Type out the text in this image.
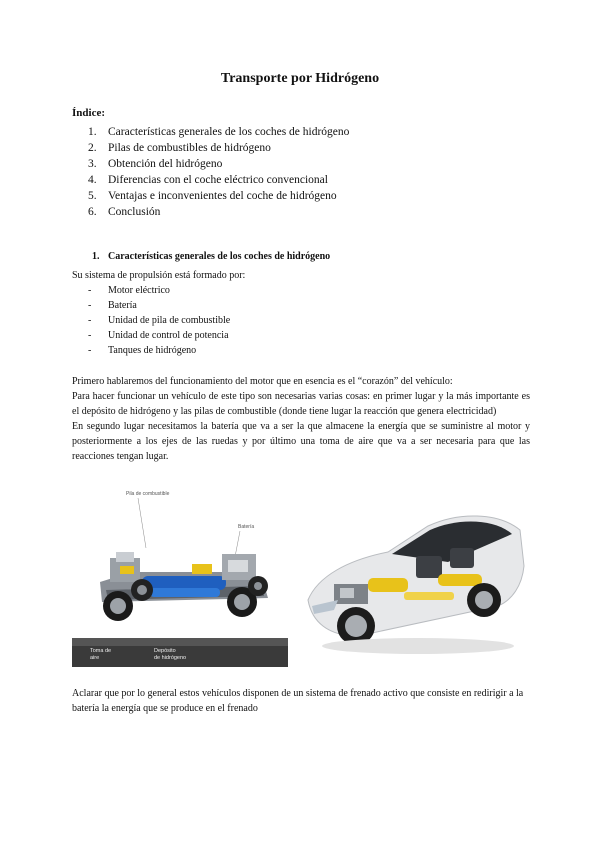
Transporte por Hidrógeno
Índice:
1. Características generales de los coches de hidrógeno
2. Pilas de combustibles de hidrógeno
3. Obtención del hidrógeno
4. Diferencias con el coche eléctrico convencional
5. Ventajas e inconvenientes del coche de hidrógeno
6. Conclusión
1. Características generales de los coches de hidrógeno
Su sistema de propulsión está formado por:
- Motor eléctrico
- Batería
- Unidad de pila de combustible
- Unidad de control de potencia
- Tanques de hidrógeno
Primero hablaremos del funcionamiento del motor que en esencia es el “corazón” del vehículo:
Para hacer funcionar un vehículo de este tipo son necesarias varias cosas: en primer lugar y la más importante es el depósito de hidrógeno y las pilas de combustible (donde tiene lugar la reacción que genera electricidad)
En segundo lugar necesitamos la batería que va a ser la que almacene la energía que se suministre al motor y posteriormente a los ejes de las ruedas y por último una toma de aire que va a ser necesaria para que las reacciones tengan lugar.
Pila de combustible
Batería
Toma de
aire
Depósito
de hidrógeno
Aclarar que por lo general estos vehículos disponen de un sistema de frenado activo que consiste en redirigir a la batería la energía que se produce en el frenado
